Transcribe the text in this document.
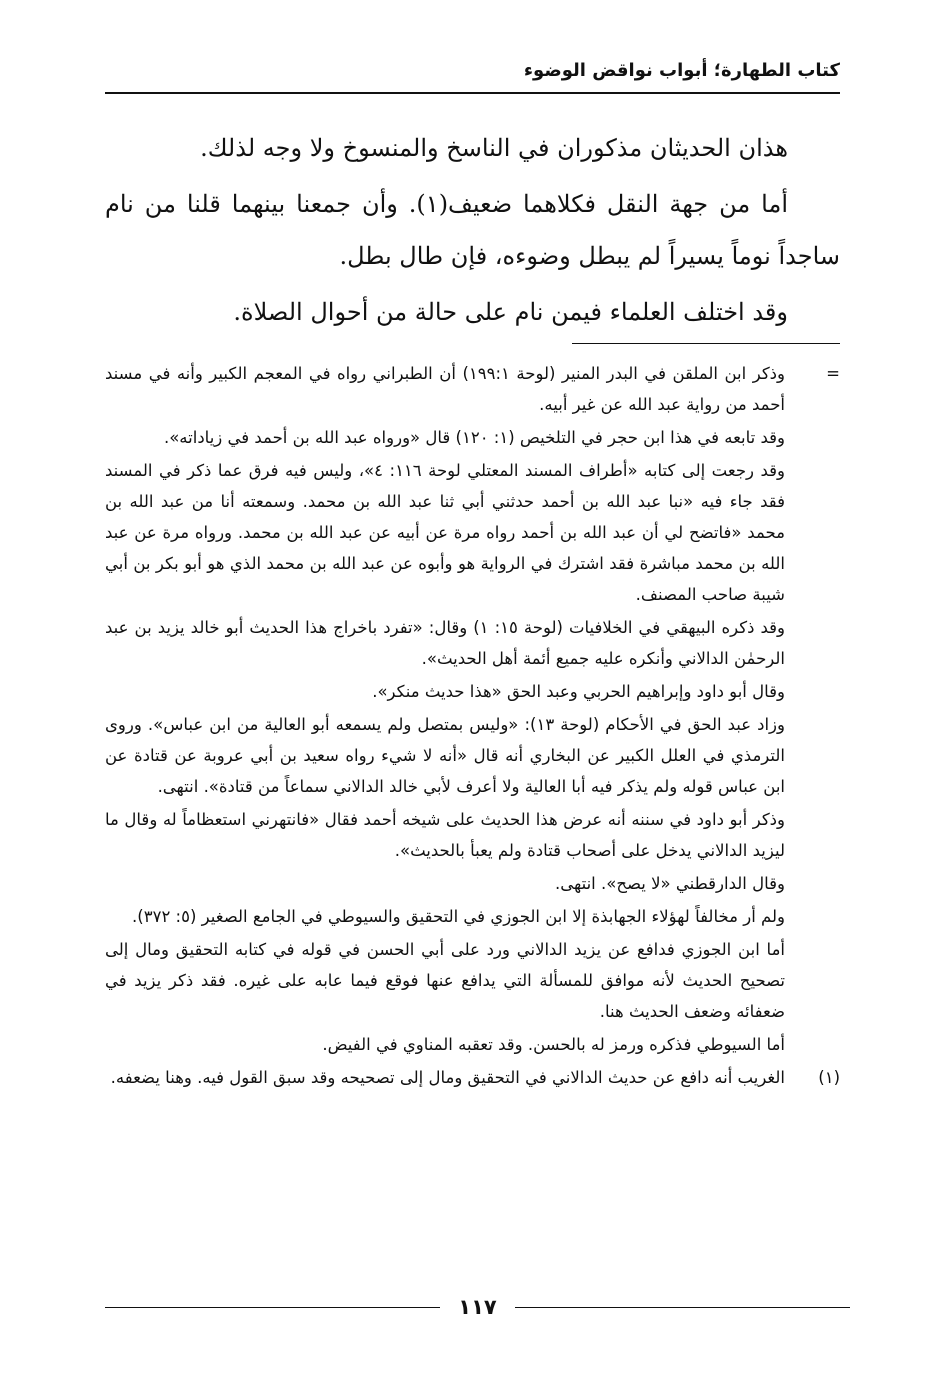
كتاب الطهارة؛ أبواب نواقض الوضوء

هذان الحديثان مذكوران في الناسخ والمنسوخ ولا وجه لذلك.

أما من جهة النقل فكلاهما ضعيف(١). وأن جمعنا بينهما قلنا من نام ساجداً نوماً يسيراً لم يبطل وضوءه، فإن طال بطل.

وقد اختلف العلماء فيمن نام على حالة من أحوال الصلاة.

=

وذكر ابن الملقن في البدر المنير (لوحة ١٩٩:١) أن الطبراني رواه في المعجم الكبير وأنه في مسند أحمد من رواية عبد الله عن غير أبيه.

وقد تابعه في هذا ابن حجر في التلخيص (١: ١٢٠) قال «ورواه عبد الله بن أحمد في زياداته».

وقد رجعت إلى كتابه «أطراف المسند المعتلي لوحة ١١٦: ٤»، وليس فيه فرق عما ذكر في المسند فقد جاء فيه «نبا عبد الله بن أحمد حدثني أبي ثنا عبد الله بن محمد. وسمعته أنا من عبد الله بن محمد «فاتضح لي أن عبد الله بن أحمد رواه مرة عن أبيه عن عبد الله بن محمد. ورواه مرة عن عبد الله بن محمد مباشرة فقد اشترك في الرواية هو وأبوه عن عبد الله بن محمد الذي هو أبو بكر بن أبي شيبة صاحب المصنف.

وقد ذكره البيهقي في الخلافيات (لوحة ١٥: ١) وقال: «تفرد باخراج هذا الحديث أبو خالد يزيد بن عبد الرحمٰن الدالاني وأنكره عليه جميع أئمة أهل الحديث».

وقال أبو داود وإبراهيم الحربي وعبد الحق «هذا حديث منكر».

وزاد عبد الحق في الأحكام (لوحة ١٣): «وليس بمتصل ولم يسمعه أبو العالية من ابن عباس». وروى الترمذي في العلل الكبير عن البخاري أنه قال «أنه لا شيء رواه سعيد بن أبي عروبة عن قتادة عن ابن عباس قوله ولم يذكر فيه أبا العالية ولا أعرف لأبي خالد الدالاني سماعاً من قتادة». انتهى.

وذكر أبو داود في سننه أنه عرض هذا الحديث على شيخه أحمد فقال «فانتهرني استعظاماً له وقال ما ليزيد الدالاني يدخل على أصحاب قتادة ولم يعبأ بالحديث».

وقال الدارقطني «لا يصح». انتهى.

ولم أر مخالفاً لهؤلاء الجهابذة إلا ابن الجوزي في التحقيق والسيوطي في الجامع الصغير (٥: ٣٧٢).

أما ابن الجوزي فدافع عن يزيد الدالاني ورد على أبي الحسن في قوله في كتابه التحقيق ومال إلى تصحيح الحديث لأنه موافق للمسألة التي يدافع عنها فوقع فيما عابه على غيره. فقد ذكر يزيد في ضعفائه وضعف الحديث هنا.

أما السيوطي فذكره ورمز له بالحسن. وقد تعقبه المناوي في الفيض.

(١)

الغريب أنه دافع عن حديث الدالاني في التحقيق ومال إلى تصحيحه وقد سبق القول فيه. وهنا يضعفه.

١١٧
